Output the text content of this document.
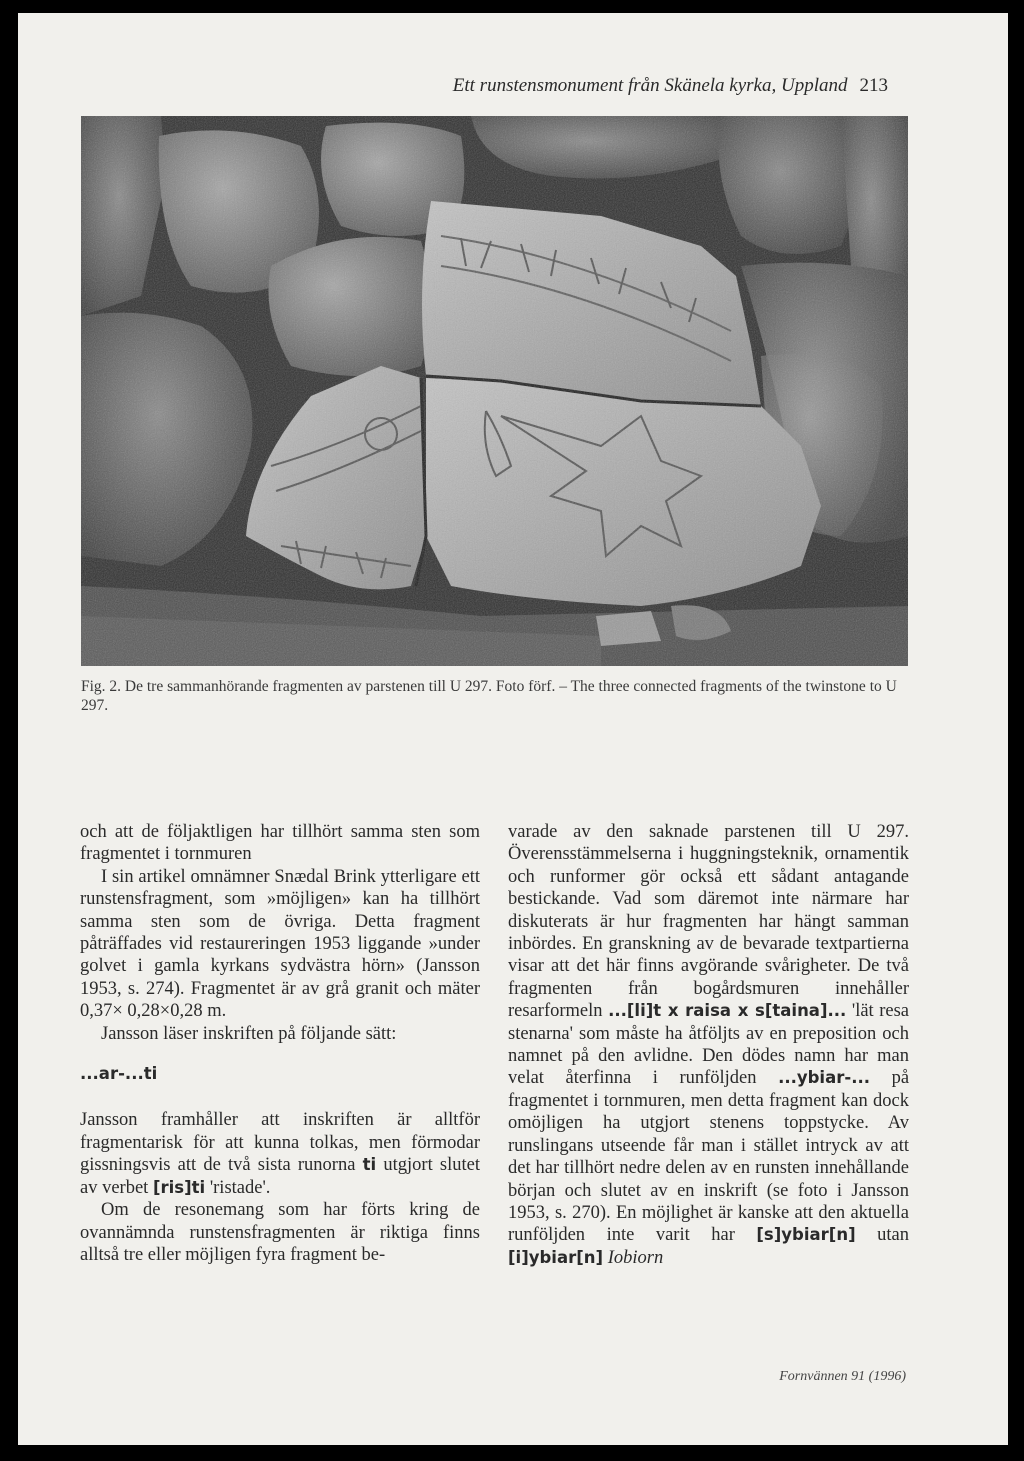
Ett runstensmonument från Skänela kyrka, Uppland 213
Fig. 2. De tre sammanhörande fragmenten av parstenen till U 297. Foto förf. – The three connected fragments of the twinstone to U 297.

och att de följaktligen har tillhört samma sten som fragmentet i tornmuren

I sin artikel omnämner Snædal Brink ytterligare ett runstensfragment, som »möjligen» kan ha tillhört samma sten som de övriga. Detta fragment påträffades vid restaureringen 1953 liggande »under golvet i gamla kyrkans sydvästra hörn» (Jansson 1953, s. 274). Fragmentet är av grå granit och mäter 0,37× 0,28×0,28 m.

Jansson läser inskriften på följande sätt:

...ar-...ti

Jansson framhåller att inskriften är alltför fragmentarisk för att kunna tolkas, men förmodar gissningsvis att de två sista runorna ti utgjort slutet av verbet [ris]ti 'ristade'.

Om de resonemang som har förts kring de ovannämnda runstensfragmenten är riktiga finns alltså tre eller möjligen fyra fragment be-

varade av den saknade parstenen till U 297. Överensstämmelserna i huggningsteknik, ornamentik och runformer gör också ett sådant antagande bestickande. Vad som däremot inte närmare har diskuterats är hur fragmenten har hängt samman inbördes. En granskning av de bevarade textpartierna visar att det här finns avgörande svårigheter. De två fragmenten från bogårdsmuren innehåller resarformeln ...[li]t x raisa x s[taina]... 'lät resa stenarna' som måste ha åtföljts av en preposition och namnet på den avlidne. Den dödes namn har man velat återfinna i runföljden ...ybiar-... på fragmentet i tornmuren, men detta fragment kan dock omöjligen ha utgjort stenens toppstycke. Av runslingans utseende får man i stället intryck av att det har tillhört nedre delen av en runsten innehållande början och slutet av en inskrift (se foto i Jansson 1953, s. 270). En möjlighet är kanske att den aktuella runföljden inte varit har [s]ybiar[n] utan [i]ybiar[n] Iobiorn

Fornvännen 91 (1996)
